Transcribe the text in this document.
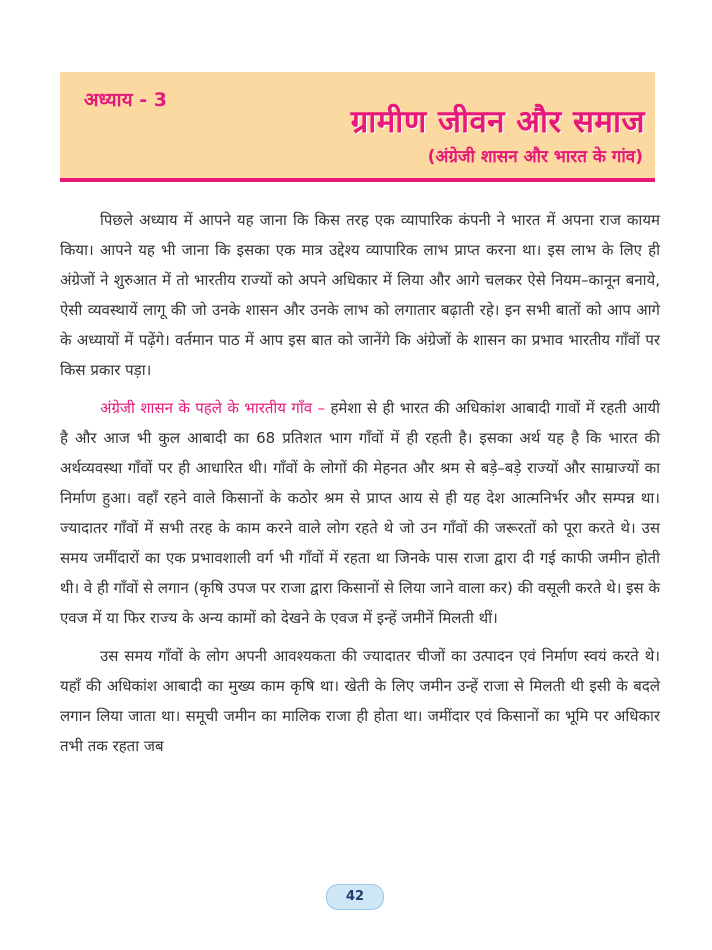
अध्याय - 3
ग्रामीण जीवन और समाज
(अंग्रेजी शासन और भारत के गांव)

पिछले अध्याय में आपने यह जाना कि किस तरह एक व्यापारिक कंपनी ने भारत में अपना राज कायम किया। आपने यह भी जाना कि इसका एक मात्र उद्देश्य व्यापारिक लाभ प्राप्त करना था। इस लाभ के लिए ही अंग्रेजों ने शुरुआत में तो भारतीय राज्यों को अपने अधिकार में लिया और आगे चलकर ऐसे नियम–कानून बनाये, ऐसी व्यवस्थायें लागू की जो उनके शासन और उनके लाभ को लगातार बढ़ाती रहे। इन सभी बातों को आप आगे के अध्यायों में पढ़ेंगे। वर्तमान पाठ में आप इस बात को जानेंगे कि अंग्रेजों के शासन का प्रभाव भारतीय गाँवों पर किस प्रकार पड़ा।

अंग्रेजी शासन के पहले के भारतीय गाँव – हमेशा से ही भारत की अधिकांश आबादी गावों में रहती आयी है और आज भी कुल आबादी का 68 प्रतिशत भाग गाँवों में ही रहती है। इसका अर्थ यह है कि भारत की अर्थव्यवस्था गाँवों पर ही आधारित थी। गाँवों के लोगों की मेहनत और श्रम से बड़े–बड़े राज्यों और साम्राज्यों का निर्माण हुआ। वहाँ रहने वाले किसानों के कठोर श्रम से प्राप्त आय से ही यह देश आत्मनिर्भर और सम्पन्न था। ज्यादातर गाँवों में सभी तरह के काम करने वाले लोग रहते थे जो उन गाँवों की जरूरतों को पूरा करते थे। उस समय जमींदारों का एक प्रभावशाली वर्ग भी गाँवों में रहता था जिनके पास राजा द्वारा दी गई काफी जमीन होती थी। वे ही गाँवों से लगान (कृषि उपज पर राजा द्वारा किसानों से लिया जाने वाला कर) की वसूली करते थे। इस के एवज में या फिर राज्य के अन्य कामों को देखने के एवज में इन्हें जमीनें मिलती थीं।

उस समय गाँवों के लोग अपनी आवश्यकता की ज्यादातर चीजों का उत्पादन एवं निर्माण स्वयं करते थे। यहाँ की अधिकांश आबादी का मुख्य काम कृषि था। खेती के लिए जमीन उन्हें राजा से मिलती थी इसी के बदले लगान लिया जाता था। समूची जमीन का मालिक राजा ही होता था। जमींदार एवं किसानों का भूमि पर अधिकार तभी तक रहता जब

42
